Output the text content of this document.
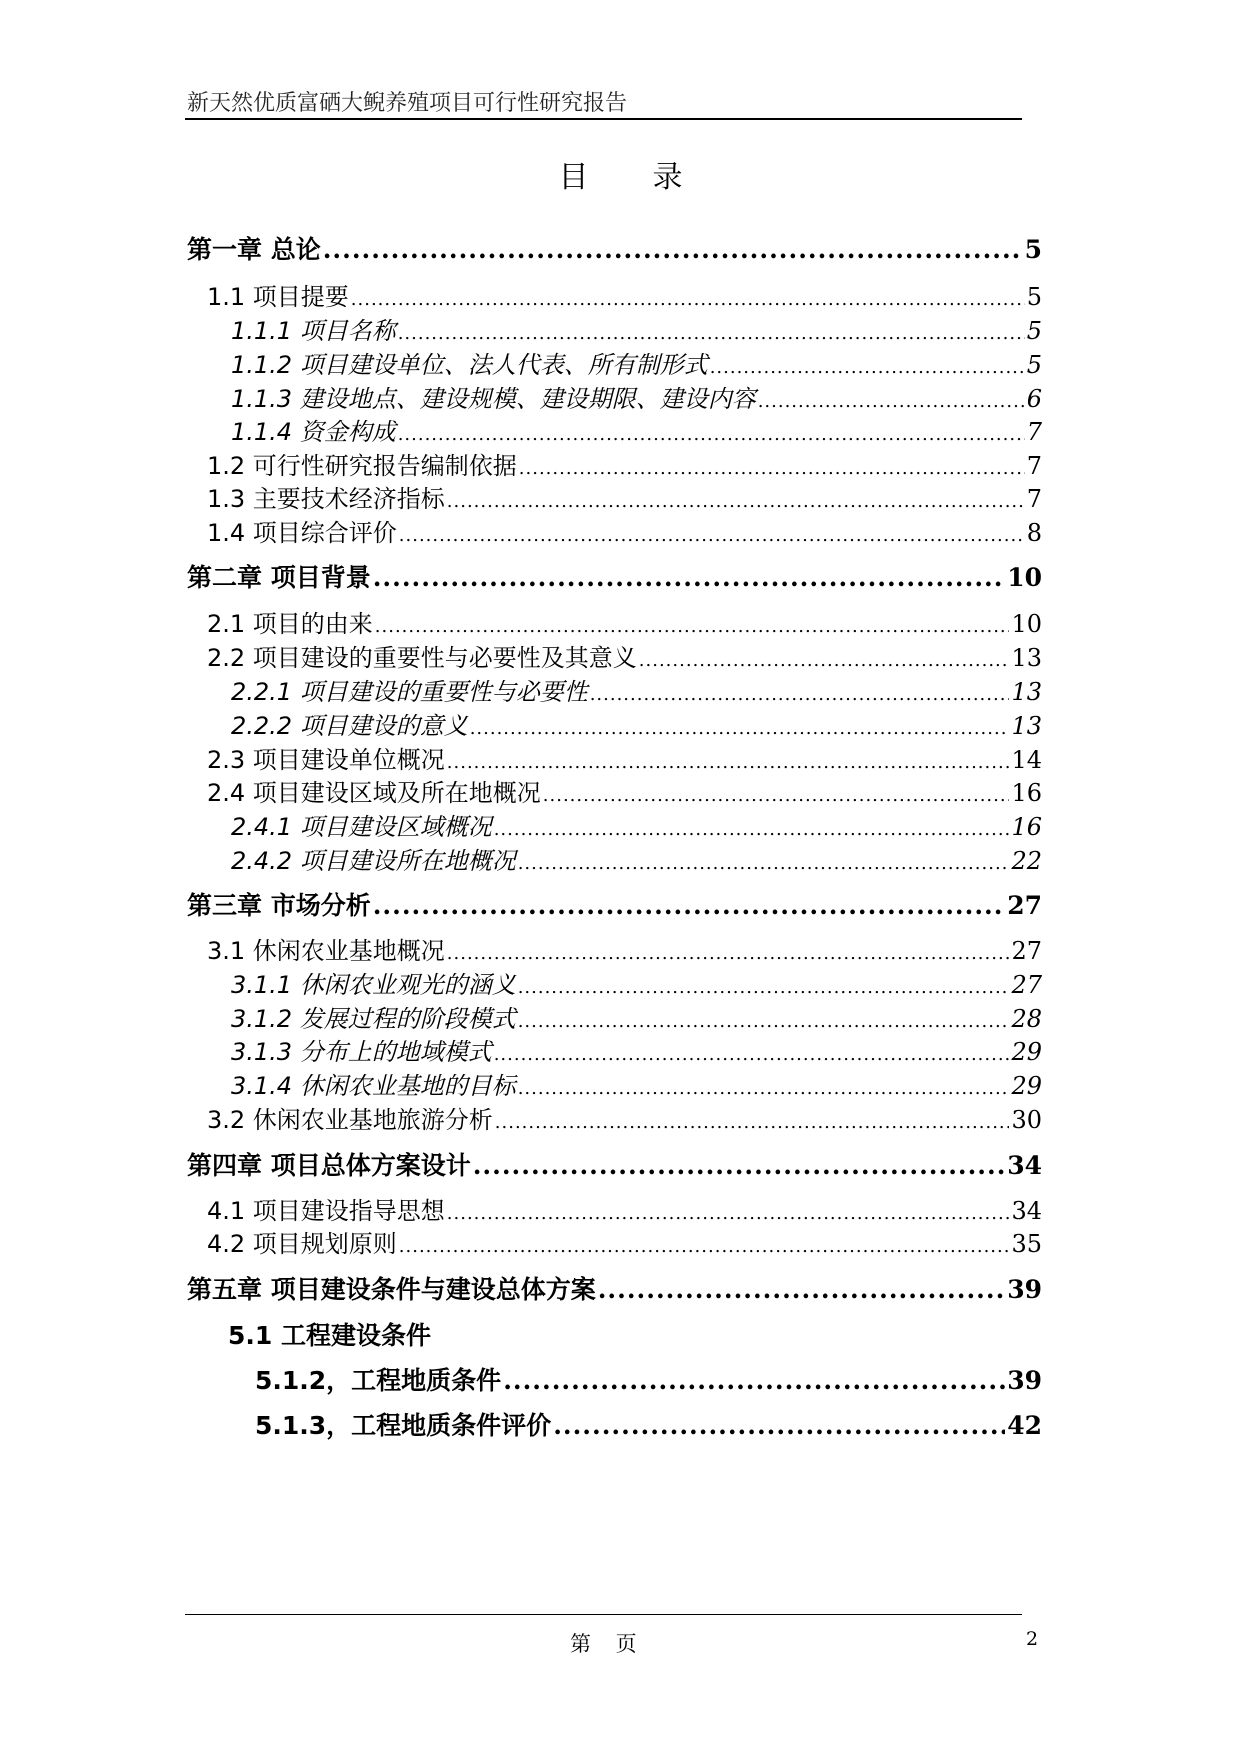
新天然优质富硒大鲵养殖项目可行性研究报告
目录
第一章 总论 .....	5
1.1 项目提要 .....	5
1.1.1 项目名称 .....	5
1.1.2 项目建设单位、法人代表、所有制形式 .....	5
1.1.3 建设地点、建设规模、建设期限、建设内容 .....	6
1.1.4 资金构成 .....	7
1.2 可行性研究报告编制依据 .....	7
1.3 主要技术经济指标 .....	7
1.4 项目综合评价 .....	8
第二章 项目背景 .....	10
2.1 项目的由来 .....	10
2.2 项目建设的重要性与必要性及其意义 .....	13
2.2.1 项目建设的重要性与必要性 .....	13
2.2.2 项目建设的意义 .....	13
2.3 项目建设单位概况 .....	14
2.4 项目建设区域及所在地概况 .....	16
2.4.1 项目建设区域概况 .....	16
2.4.2 项目建设所在地概况 .....	22
第三章 市场分析 .....	27
3.1 休闲农业基地概况 .....	27
3.1.1 休闲农业观光的涵义 .....	27
3.1.2 发展过程的阶段模式 .....	28
3.1.3 分布上的地域模式 .....	29
3.1.4 休闲农业基地的目标 .....	29
3.2 休闲农业基地旅游分析 .....	30
第四章 项目总体方案设计 .....	34
4.1 项目建设指导思想 .....	34
4.2 项目规划原则 .....	35
第五章 项目建设条件与建设总体方案 .....	39
5.1 工程建设条件
5.1.2，工程地质条件 .....	39
5.1.3，工程地质条件评价 .....	42
第 页	2
